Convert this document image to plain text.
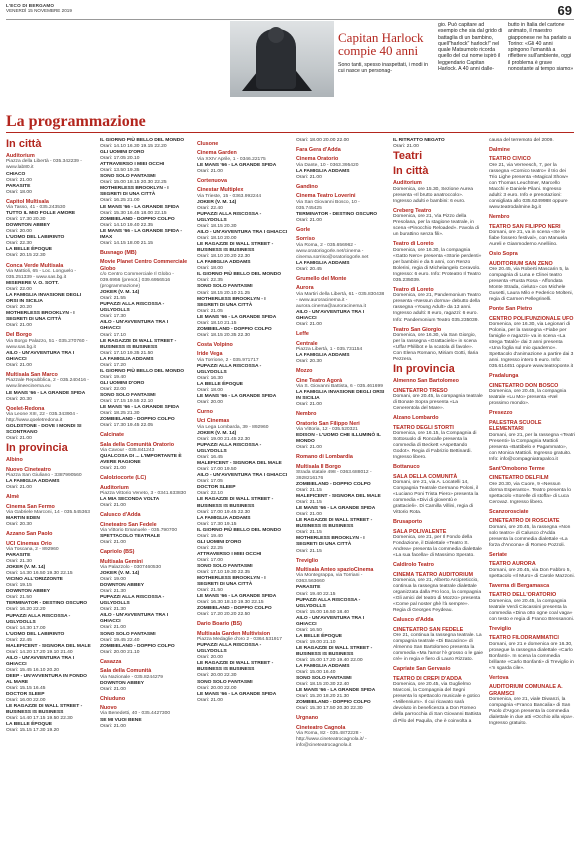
L'ECO DI BERGAMO
VENERDÌ 15 NOVEMBRE 2019	69
Capitan Harlock compie 40 anni
Sono tanti, spesso inaspettati, i modi in cui nasce un personag-
gio. Può capitare ad esempio che sia dal grido di battaglia di un bambino, quell"harlock" harlock!" nel quale Matsumoto ricorda quello del cui nome ispirò il leggendario Capitan Harlock. A 40 anni dalle-
butto in Italia del cartone animato, il maestro giapponese ne ha parlato a Torino: «Gli 40 anni spingono l'umanità a riflettere sull'ambiente, oggi il problema è grave nonostante al tempo siamo»
La programmazione
In città
Auditorium
Piazza della Libertà - 035.342239 - www.lab80.it
CHIACO
Orari: 21.00
PARASITE
Orari: 18.00
Capitol Multisala
Via Tasso, 41 - 035.243530
TUTTO IL MIO FOLLE AMORE
Orari: 17.30 20.30
DOWNTON ABBEY
Orari: 20.00
L'UOMO DEL LABIRINTO
Orari: 22.30
LA BELLE ÉPOQUE
Orari: 20.15 22.30
Conca Verde Multisala
Via Mattioli, 65 - Loc. Longuelo - 035.251339 - www.sas.bg.it
MISERERE V. O. SOTT.
Orari: 22.00
LA FAMIGLIA INVASIONE DEGLI ORSI IN SICILIA
Orari: 20.20
MOTHERLESS BROOKLYN - I SEGRETI DI UNA CITTÀ
Orari: 21.00
Del Borgo
Via Borgo Palazzo, 51 - 035.270760 - www.sas.bg.it
AILO - UN'AVVENTURA TRA I GHIACCI
Orari: 21.00
Multisala San Marco
Piazzale Repubblica, 2 - 035.240416 - www.lineecinema.eu
LE MANS '66 - LA GRANDE SFIDA
Orari: 20.30
Qoelet-Redona
Via Leone XIII, 22 - 035.343904 - http://www.qoeletredona.it
GOLDSTONE - DOVE I MONDI SI SCONTRANO
Orari: 21.00
In provincia
Albino
Nuovo Cineteatro
Piazza San Giuliano - 3387990560
LA FAMIGLIA ADDAMS
Orari: 21.00
Almè
Cinema San Fermo
Via Gabriele Marconi, 14 - 035.545363
MARTIN EDEN
Orari: 20.30
Azzano San Paolo
UCI Cinemas Orio
Via Toscana, 2 - 892960
PARASITE
Orari: 21.30
JOKER (V. M. 14)
Orari: 14.30 16.50 19.30 22.15
VICINO ALL'ORIZZONTE
Orari: 19.15
DOWNTON ABBEY
Orari: 21.50
TERMINATOR - DESTINO OSCURO
Orari: 16.20 22.20
PUPAZZI ALLA RISCOSSA - UGLYDOLLS
Orari: 14.30 17.00
L'UOMO DEL LABIRINTO
Orari: 22.45
MALEFICENT - SIGNORA DEL MALE
Orari: 14.20 17.20 19.10 21.40
AILO - UN'AVVENTURA TRA I GHIACCI
Orari: 15.45 16.10 20.20
DEEP - UN'AVVENTURA IN FONDO AL MARE
Orari: 15.15 16.45
DOCTOR SLEEP
Orari: 16.00 22.00
LE RAGAZZE DI WALL STREET - BUSINESS IS BUSINESS
Orari: 14.40 17.15 19.50 22.30
LA BELLE ÉPOQUE
Orari: 15.15 17.30 19.20
IL GIORNO PIÙ BELLO DEL MONDO
Orari: 14.10 16.30 19.15 22.20
GLI UOMINI D'ORO
Orari: 17.05 20.10
ATTRAVERSO I MIEI OCCHI
Orari: 13.50 19.35
SONO SOLO FANTASMI
Orari: 15.00 18.15 20.30 22.25
MOTHERLESS BROOKLYN - I SEGRETI DI UNA CITTÀ
Orari: 16.25 21.00
LE MANS '66 - LA GRANDE SFIDA
Orari: 15.30 16.45 18.00 22.15
ZOMBIELAND - DOPPIO COLPO
Orari: 14.10 19.40 22.35
LE MANS '66 - LA GRANDE SFIDA - IMAX
Orari: 14.15 18.00 21.15
Busnago (MB)
Movie Planet Centro Commerciale Globo
c/o Centro Commerciale Il Globo - 039.6956 (prenot.) 039.6956516 (programmazione)
JOKER (V. M. 14)
Orari: 21.55
PUPAZZI ALLA RISCOSSA - UGLYDOLLS
Orari: 17.30
AILO - UN'AVVENTURA TRA I GHIACCI
Orari: 17.10
LE RAGAZZE DI WALL STREET - BUSINESS IS BUSINESS
Orari: 17.10 19.35 21.50
LA FAMIGLIA ADDAMS
Orari: 17.20
IL GIORNO PIÙ BELLO DEL MONDO
Orari: 19.40
GLI UOMINI D'ORO
Orari: 22.00
SONO SOLO FANTASMI
Orari: 17.15 19.55 22.10
LE MANS '66 - LA GRANDE SFIDA
Orari: 18.25 21.30
ZOMBIELAND - DOPPIO COLPO
Orari: 17.30 19.45 22.05
Calcinate
Sala della Comunità Oratorio
Via Cavour - 035.841243
QUALCOSA DI ... L'IMPORTANTE È AVERE RAGIONE
Orari: 21.00
Calolziocorte (LC)
Auditorium
Piazza Vittorio Veneto, 3 - 0341.633830
LA MIA SECONDA VOLTA
Orari: 21.00
Calusco d'Adda
Cineteatro San Fedele
Via Vittorio Emanuele - 035.790700
SPETTACOLO TEATRALE
Orari: 21.00
Capriolo (BS)
Multisala Gemini
Via Palazzolo - 0307460530
JOKER (V. M. 14)
Orari: 19.00
DOWNTON ABBEY
Orari: 21.30
PUPAZZI ALLA RISCOSSA - UGLYDOLLS
Orari: 21.30
AILO - UN'AVVENTURA TRA I GHIACCI
Orari: 21.00
SONO SOLO FANTASMI
Orari: 19.45 22.40
ZOMBIELAND - DOPPIO COLPO
Orari: 20.00 21.10
Casazza
Sala della Comunità
Via Nazionale - 035.8244279
DOWNTON ABBEY
Orari: 21.00
Chiuduno
Nuovo
Via Benedetti, 40 - 035.4427300
SE MI VUOI BENE
Orari: 21.00
Clusone
Cinema Garden
Via XXIV Aprile, 1 - 0346.22175
LE MANS '66 - LA GRANDE SFIDA
Orari: 21.00
Cortenuova
Cinestar Multiplex
Via Trieste, 15 - 0363.992244
JOKER (V. M. 14)
Orari: 22.40
PUPAZZI ALLA RISCOSSA - UGLYDOLLS
Orari: 18.15 20.30
AILO - UN'AVVENTURA TRA I GHIACCI
Orari: 18.10 20.00
LE RAGAZZE DI WALL STREET - BUSINESS IS BUSINESS
Orari: 18.10 20.20 22.30
LA FAMIGLIA ADDAMS
Orari: 18.00
IL GIORNO PIÙ BELLO DEL MONDO
Orari: 22.35
SONO SOLO FANTASMI
Orari: 18.15 20.10 21.25
MOTHERLESS BROOKLYN - I SEGRETI DI UNA CITTÀ
Orari: 21.05
LE MANS '66 - LA GRANDE SFIDA
Orari: 18.10 21.15
ZOMBIELAND - DOPPIO COLPO
Orari: 18.15 20.35 22.30
Costa Volpino
Iride Vega
Via Torrione, 2 - 035.971717
PUPAZZI ALLA RISCOSSA - UGLYDOLLS
Orari: 16.30
LA BELLE ÉPOQUE
Orari: 18.00
LE MANS '66 - LA GRANDE SFIDA
Orari: 20.00
Curno
Uci Cinemas
Via Lega Lombarda, 39 - 892960
JOKER (V. M. 14)
Orari: 19.00 21.45 22.30
PUPAZZI ALLA RISCOSSA - UGLYDOLLS
Orari: 16.45
MALEFICENT - SIGNORA DEL MALE
Orari: 17.00 19.50
AILO - UN'AVVENTURA TRA I GHIACCI
Orari: 17.05
DOCTOR SLEEP
Orari: 22.10
LE RAGAZZE DI WALL STREET - BUSINESS IS BUSINESS
Orari: 17.00 19.45 22.30
LA FAMIGLIA ADDAMS
Orari: 17.30 19.15
IL GIORNO PIÙ BELLO DEL MONDO
Orari: 19.40
GLI UOMINI D'ORO
Orari: 22.25
ATTRAVERSO I MIEI OCCHI
Orari: 17.00
SONO SOLO FANTASMI
Orari: 17.10 19.30 22.35
MOTHERLESS BROOKLYN - I SEGRETI DI UNA CITTÀ
Orari: 21.50
LE MANS '66 - LA GRANDE SFIDA
Orari: 16.30 18.10 19.30 22.15
ZOMBIELAND - DOPPIO COLPO
Orari: 17.20 20.20 22.50
Dario Boario (BS)
Multisala Garden Multivision
Piazza Medaglie d'oro 2 - 0364.531917
PUPAZZI ALLA RISCOSSA - UGLYDOLLS
Orari: 20.00
LE RAGAZZE DI WALL STREET - BUSINESS IS BUSINESS
Orari: 20.00 22.30
SONO SOLO FANTASMI
Orari: 20.00 22.00
LE MANS '66 - LA GRANDE SFIDA
Orari: 21.00
Orari: 18.00 20.00 22.00
Fara Gera d'Adda
Cinema Oratorio
Via Dante, 10 - 0363.395420
LA FAMIGLIA ADDAMS
Orari: 21.00
Gandino
Cinema Teatro Loverini
Via San Giovanni Bosco, 10 - 035.745425
TERMINATOR - DESTINO OSCURO
Orari: 21.00
Gorle
Sorriso
Via Roma, 2 - 035.656962 - www.oratoriogorle.net/cinema - cinema.sorriso@oratoriogorle.net
LA FAMIGLIA ADDAMS
Orari: 20.45
Grumello del Monte
Aurora
Via Martiri della Libertà, 61 - 035.830438 - www.auroracinema.it - aurora.cinema@auroracinema.it
AILO - UN'AVVENTURA TRA I GHIACCI
Orari: 21.00
Leffe
Centrale
Piazza Libertà, 1 - 035.731154
LA FAMIGLIA ADDAMS
Orari: 20.30
Mozzo
Cine Teatro Agorà
Via S. Giovanni Battista, 6 - 035.461699
LA FAMIGLIA INVASIONE DEGLI ORSI IN SICILIA
Orari: 21.00
Nembro
Oratorio San Filippo Neri
Via Vittoria, 12 - 035.520321
EDISON - L'UOMO CHE ILLUMINÒ IL MONDO
Orari: 21.00
Romano di Lombardia
Multisala Il Borgo
Strada statale 498 - 0363.688012 - 3928216176
ZOMBIELAND - DOPPIO COLPO
Orari: 21.15
MALEFICENT - SIGNORA DEL MALE
Orari: 21.15
LE MANS '66 - LA GRANDE SFIDA
Orari: 21.00
LE RAGAZZE DI WALL STREET - BUSINESS IS BUSINESS
Orari: 21.15
MOTHERLESS BROOKLYN - I SEGRETI DI UNA CITTÀ
Orari: 21.15
Treviglio
Multisala Anteo spazioCinema
Via Montegrappa, via Torriani - 0363.563660
PARASITE
Orari: 19.40 22.15
PUPAZZI ALLA RISCOSSA - UGLYDOLLS
Orari: 15.00 16.50 18.40
AILO - UN'AVVENTURA TRA I GHIACCI
Orari: 16.50
LA BELLE ÉPOQUE
Orari: 19.00 21.10
LE RAGAZZE DI WALL STREET - BUSINESS IS BUSINESS
Orari: 15.00 17.20 19.40 22.00
LA FAMIGLIA ADDAMS
Orari: 15.00 16.40
SONO SOLO FANTASMI
Orari: 18.15 20.30 22.40
LE MANS '66 - LA GRANDE SFIDA
Orari: 15.20 18.20 21.30
ZOMBIELAND - DOPPIO COLPO
Orari: 15.30 17.50 20.30 22.30
Urgnano
Cineteatro Cagnola
Via Roma, 82 - 035.4872228 - http://www.cineteatrocagnola.it/ - info@cineteatrocagnola.it
IL RITRATTO NEGATO
Orari: 21.00
Teatri
In città
Auditorium
Domenica, ore 15.30, Sezione Aurea presenta «Il brutto anatroccolo». Ingresso adulti e bambini: 6 euro.
Creberg Teatro
Domenica, ore 21, Via Pizzo della Presolana, per la stagione teatrale, in scena «Pinocchio Reloaded». Favola di un burattino senza fili».
Teatro di Loreto
Domenica, ore 16.30, la compagnia «Gatto Nero» presenta «Storie perdenti» per bambini e da 5 anni, con Renzo Bolerini, regia di Michelangelo Ceravolo. Ingresso: 6 euro. Info: Proteatro Il Teatro 035.235039.
Teatro di Loreto
Domenica, ore 21, Pandemonium Teatro presenta «Nessun dorma» debutto della rassegna «Young Adult» da 13 anni. Ingresso adulti: 8 euro, ragazzi: 6 euro. Info: Pandemonium Teatro 035.235039.
Teatro San Giorgio
Domenica, ore 16.30, via San Giorgio, per la rassegna «Grattacielo» in scena «Uffa! Philibot e la scatola di favole». Con Elena Romano, Miriam Gotti, Ilaria Pezzera.
In provincia
Almenno San Bartolomeo
CINETEATRO TRESO
Domani, ore 20.45, la compagnia teatrale di Bonate Sopra presenta «La Cenerentola del Mare».
Alzano Lombardo
TEATRO DEGLI STORTI
Domenica, ore 16.15, la Compagnia di Sottosuolo di Roncalle presenta la commedia di Beckett «Aspettando Godot». Regia di Fabrizio Bettinardi. Ingresso libero.
Bottanuco
SALA DELLA COMUNITÀ
Domani, ore 21, via A. Locatelli 14, Compagnia Teatrale Germano Poloni, il «Luciano Poni Trista Piero» presenta la commedia «Divi di gioventù e grattacieli». Di Camilla Villini, regia di Vittorio Rota.
Brusaporto
SALA POLIVALENTE
Domenica, ore 21, per Il Fondo della Fondazione, il Dialettale «Teatro S. Andrea» presenta la commedia dialettale «La sua facella» di Massimo Sperato.
Caldirolo Teatro
CINEMA TEATRO AUDITORIUM
Domenica, ore 21, Alberto Arcipreticcio, continua la rassegna teatrale dialettale organizzata dalla Pro loco, la compagnia «Gli amici del teatro di Mozzo» presenta «Come pal noster ghè l'à sempre». Regia di Georges Feydeau.
Calusco d'Adda
CINETEATRO SAN FEDELE
Ore 21, continua la rassegna teatrale. La compagnia teatrale «Di Bacacino» di Almenno San Bartolomeo presenta la commedia «Ma l'amor l'è grosso o le gaie crè» in regia e fiero di Lauro Rizzato.
Capriate San Gervasio
TEATRO DI CREPI D'ADDA
Domenica, ore 20.45, via Guglielmo Marconi, la Compagnia del Segni presenta lo spettacolo musicale e gotico «Millennium». Il cui ricavato sarà devoluto in beneficenza a Don Romeo della parrocchia di San Giovanni Battista di Pilo del Paquila, che è coinvolta a
causa del terremoto del 2009.
Dalmine
TEATRO CIVICO
Ore 21, via Verreesch, 7, per la rassegna «Comico teatro» il trio dei Trio Lighe presenta «Magical Show» con Thomas Leuchtner, Marcello Macchi e Daniele Pilani. Ingresso adulti: 3 euro. Info e prenotazioni: consigliata allo 035.6249988 oppure www.teatrodalmine.bg.it
Nembro
TEATRO SAN FILIPPO NERI
Domani, ore 21, va in scena «Se le fiabe fossero festival», con Manuela Aureli e Gianmoderno Anelliino.
Osio Sopra
AUDITORIUM SAN ZENO
Ore 20.45, via Roberti Mascarin 5, la compagnia di Luna e Clinei teatro presenta «Rusta Rosa - Affondata Monte Strada, cieluto» con Michele Gusetti, Laura Milo e Federico Molteni, regia di Carmen Pellegrinelli.
Ponte San Pietro
CENTRO POLIFUNZIONALE UFO
Domenica, ore 16.30, via Legionari di Polonia, per la rassegna «Fiabe per famiglie e ragazzi» va in scena «La strega Tatalò» dai 3 anni presenta «Una foglia sul mio quaderno». Spettacolo d'animazione a partire dai 3 anni. Ingresso intero 5 euro. Info: 035.614451 oppure www.teatroponte.it
Pradalunga
CINETEATRO DON BOSCO
Domenica, ore 20.45, la compagnia teatrale «Lu Mo» presenta «Nel prossimo mondo».
Presezzo
PALESTRA SCUOLE ELEMENTARI
Domani, ore 21, per la rassegna «Teatri Presenti» la Compagnia Mattioli presenta «Battibelo e Pagammato», con Monica Mattioli. Ingresso gratuito. Info: info@compagniatrapalco.it
Sant'Omobono Terme
CINETEATRO DELFILM
Ore 20.30, via Cuore, 9 «Nessun dorma Esperanto». Teatro presenta lo spettacolo «Sorelle di stoffa» di Luca Cerovaz. Ingresso libero.
Scanzorosciate
CINETEATRO DI ROSCIATE
Domani, ore 20.45, la rassegna «Non solo teatro» di Calusco d'Adda presenta la commedia dialettale «La forza d'Ancona» di Romeo Pozzoli.
Seriate
TEATRO AURORA
Domani, ore 20.45, via Don Fabbro 5, spettacolo «Il Muro» di Carole Mazzoni.
Taverna di Bergamasca
TEATRO DELL'ORATORIO
Domenica, ore 20.45, la compagnia teatrale Verdi Ciscassini presenta la commedia «Dina otto ogne coal vaga» con testo e regia di Franco Bressanoni.
Treviglio
TEATRO FILODRAMMATICI
Domani, ore 21 e domenica ore 16.30, prosegue la rassegna dialettale «Carlo Bonfanti». In scena la commedia brillante «Carlo Bonfanti» di Treviglio in «'n sgarda cile».
Vertova
AUDITORIUM COMUNALE A. GRAMSCI
Domenica, ore 21, viale Diwanzi, la compagnia «Franco Bancalia» di San Paolo d'Argon presenta la commedia dialettale in due atti «Occhio alla vipa». Ingresso gratuito.
